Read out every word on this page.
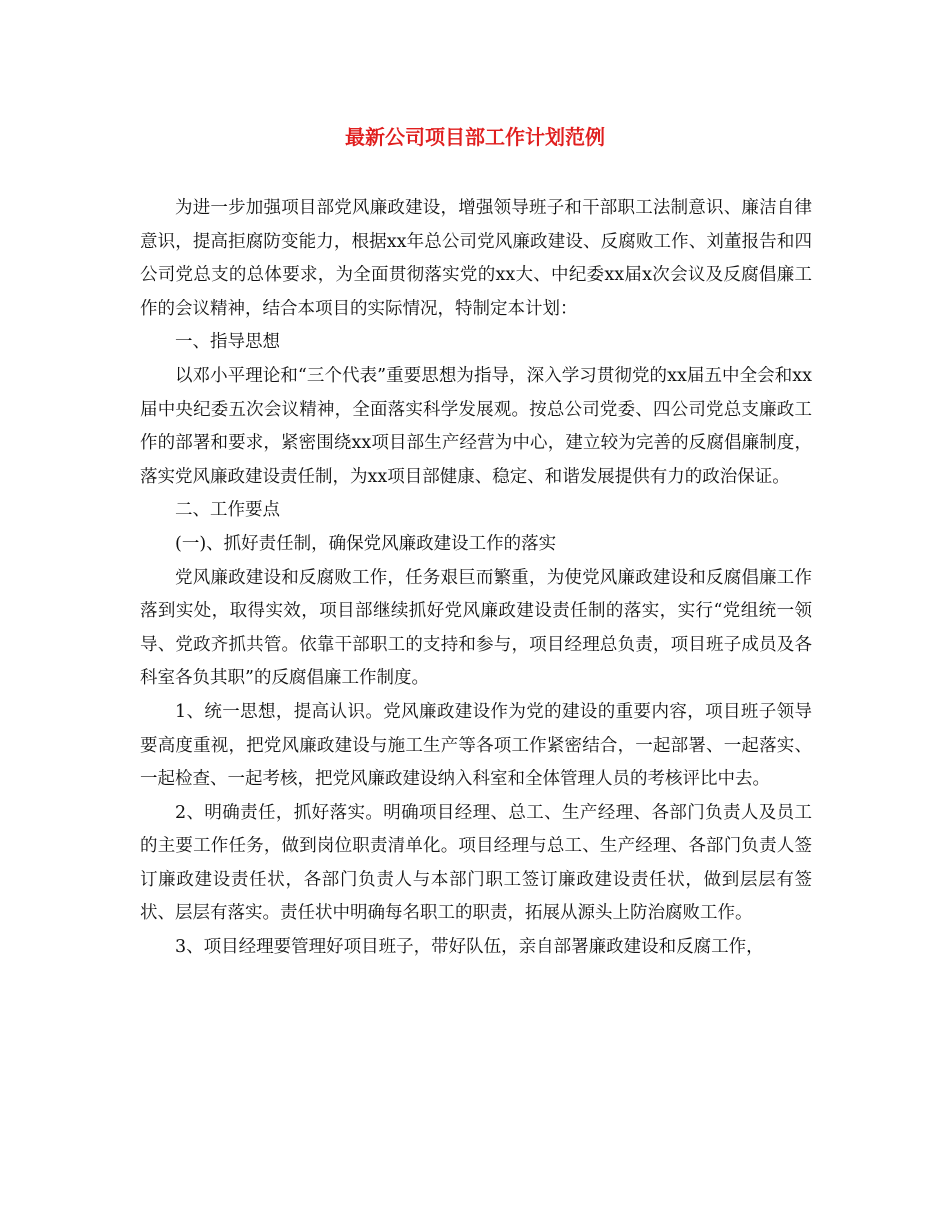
最新公司项目部工作计划范例

为进一步加强项目部党风廉政建设，增强领导班子和干部职工法制意识、廉洁自律意识，提高拒腐防变能力，根据xx年总公司党风廉政建设、反腐败工作、刘董报告和四公司党总支的总体要求，为全面贯彻落实党的xx大、中纪委xx届x次会议及反腐倡廉工作的会议精神，结合本项目的实际情况，特制定本计划：

一、指导思想

以邓小平理论和“三个代表”重要思想为指导，深入学习贯彻党的xx届五中全会和xx届中央纪委五次会议精神，全面落实科学发展观。按总公司党委、四公司党总支廉政工作的部署和要求，紧密围绕xx项目部生产经营为中心，建立较为完善的反腐倡廉制度，落实党风廉政建设责任制，为xx项目部健康、稳定、和谐发展提供有力的政治保证。

二、工作要点

(一)、抓好责任制，确保党风廉政建设工作的落实

党风廉政建设和反腐败工作，任务艰巨而繁重，为使党风廉政建设和反腐倡廉工作落到实处，取得实效，项目部继续抓好党风廉政建设责任制的落实，实行“党组统一领导、党政齐抓共管。依靠干部职工的支持和参与，项目经理总负责，项目班子成员及各科室各负其职”的反腐倡廉工作制度。

1、统一思想，提高认识。党风廉政建设作为党的建设的重要内容，项目班子领导要高度重视，把党风廉政建设与施工生产等各项工作紧密结合，一起部署、一起落实、一起检查、一起考核，把党风廉政建设纳入科室和全体管理人员的考核评比中去。

2、明确责任，抓好落实。明确项目经理、总工、生产经理、各部门负责人及员工的主要工作任务，做到岗位职责清单化。项目经理与总工、生产经理、各部门负责人签订廉政建设责任状，各部门负责人与本部门职工签订廉政建设责任状，做到层层有签状、层层有落实。责任状中明确每名职工的职责，拓展从源头上防治腐败工作。

3、项目经理要管理好项目班子，带好队伍，亲自部署廉政建设和反腐工作，
